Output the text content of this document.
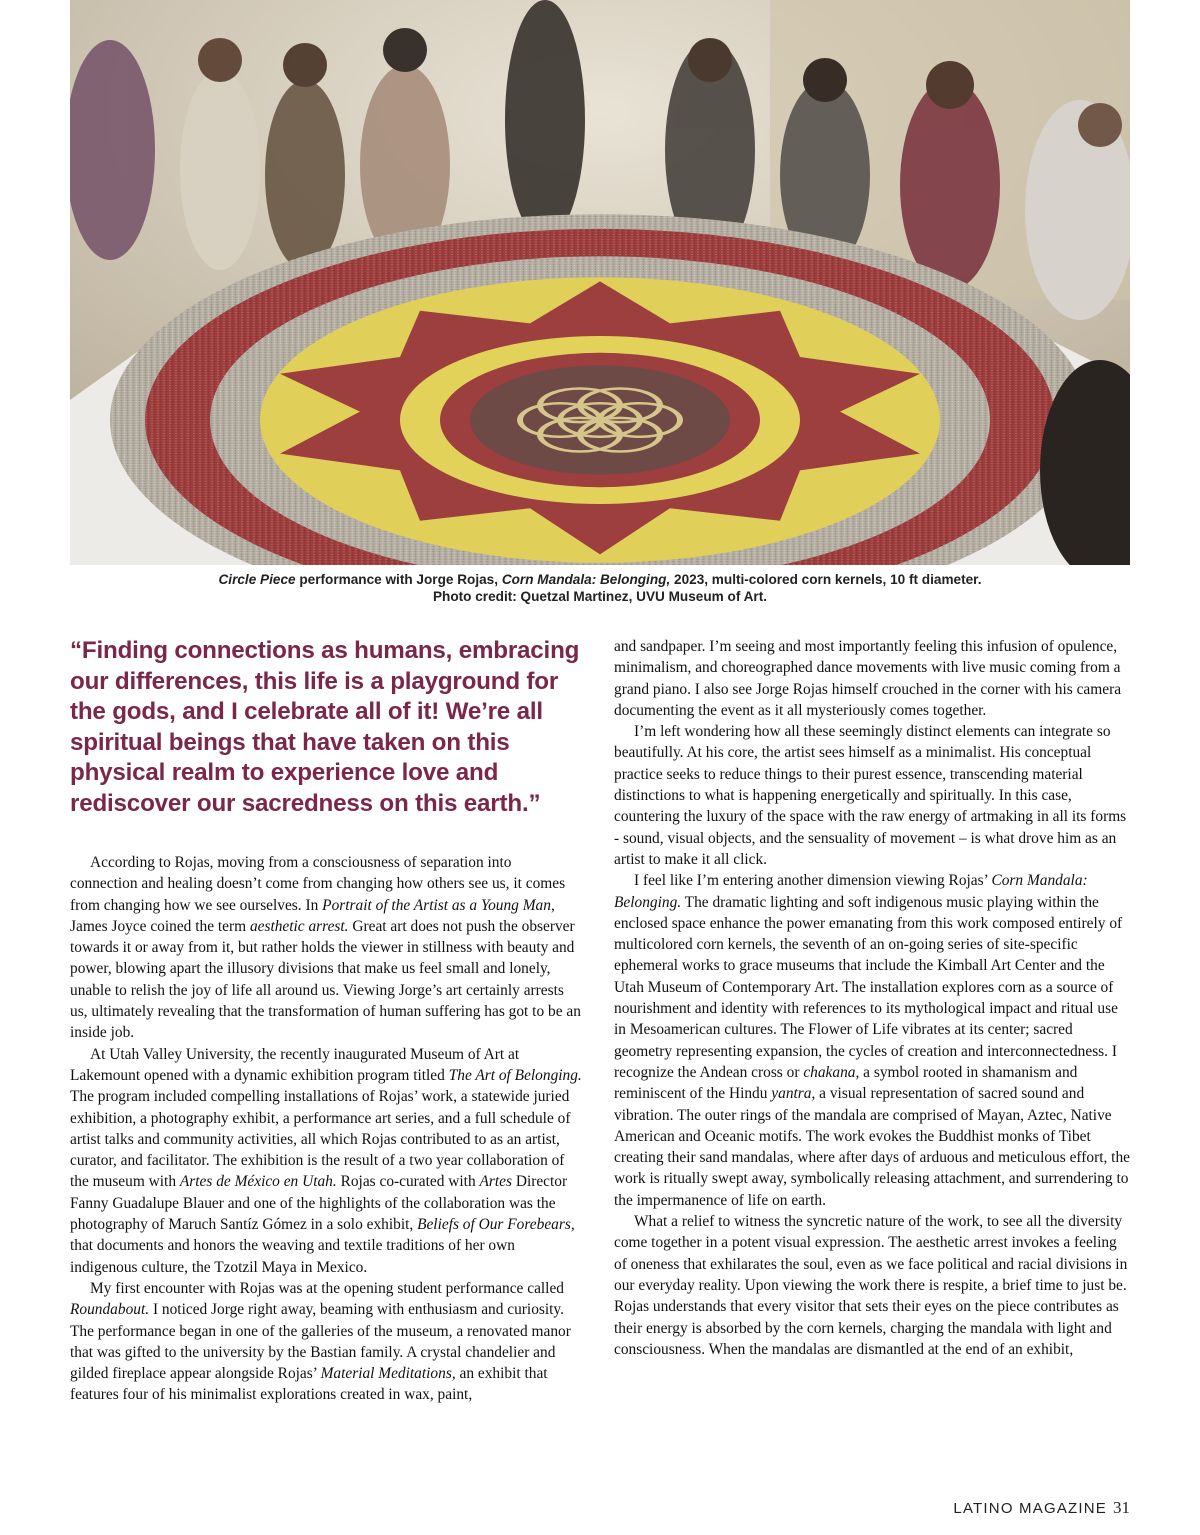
Circle Piece performance with Jorge Rojas, Corn Mandala: Belonging, 2023, multi-colored corn kernels, 10 ft diameter.
Photo credit: Quetzal Martinez, UVU Museum of Art.
“Finding connections as humans, embracing our differences, this life is a playground for the gods, and I celebrate all of it! We’re all spiritual beings that have taken on this physical realm to experience love and rediscover our sacredness on this earth.”

According to Rojas, moving from a consciousness of separation into connection and healing doesn’t come from changing how others see us, it comes from changing how we see ourselves. In Portrait of the Artist as a Young Man, James Joyce coined the term aesthetic arrest. Great art does not push the observer towards it or away from it, but rather holds the viewer in stillness with beauty and power, blowing apart the illusory divisions that make us feel small and lonely, unable to relish the joy of life all around us. Viewing Jorge’s art certainly arrests us, ultimately revealing that the transformation of human suffering has got to be an inside job.

At Utah Valley University, the recently inaugurated Museum of Art at Lakemount opened with a dynamic exhibition program titled The Art of Belonging. The program included compelling installations of Rojas’ work, a statewide juried exhibition, a photography exhibit, a performance art series, and a full schedule of artist talks and community activities, all which Rojas contributed to as an artist, curator, and facilitator. The exhibition is the result of a two year collaboration of the museum with Artes de México en Utah. Rojas co-curated with Artes Director Fanny Guadalupe Blauer and one of the highlights of the collaboration was the photography of Maruch Santíz Gómez in a solo exhibit, Beliefs of Our Forebears, that documents and honors the weaving and textile traditions of her own indigenous culture, the Tzotzil Maya in Mexico.

My first encounter with Rojas was at the opening student performance called Roundabout. I noticed Jorge right away, beaming with enthusiasm and curiosity. The performance began in one of the galleries of the museum, a renovated manor that was gifted to the university by the Bastian family. A crystal chandelier and gilded fireplace appear alongside Rojas’ Material Meditations, an exhibit that features four of his minimalist explorations created in wax, paint,

and sandpaper. I’m seeing and most importantly feeling this infusion of opulence, minimalism, and choreographed dance movements with live music coming from a grand piano. I also see Jorge Rojas himself crouched in the corner with his camera documenting the event as it all mysteriously comes together.

I’m left wondering how all these seemingly distinct elements can integrate so beautifully. At his core, the artist sees himself as a minimalist. His conceptual practice seeks to reduce things to their purest essence, transcending material distinctions to what is happening energetically and spiritually. In this case, countering the luxury of the space with the raw energy of artmaking in all its forms - sound, visual objects, and the sensuality of movement – is what drove him as an artist to make it all click.

I feel like I’m entering another dimension viewing Rojas’ Corn Mandala: Belonging. The dramatic lighting and soft indigenous music playing within the enclosed space enhance the power emanating from this work composed entirely of multicolored corn kernels, the seventh of an on-going series of site-specific ephemeral works to grace museums that include the Kimball Art Center and the Utah Museum of Contemporary Art. The installation explores corn as a source of nourishment and identity with references to its mythological impact and ritual use in Mesoamerican cultures. The Flower of Life vibrates at its center; sacred geometry representing expansion, the cycles of creation and interconnectedness. I recognize the Andean cross or chakana, a symbol rooted in shamanism and reminiscent of the Hindu yantra, a visual representation of sacred sound and vibration. The outer rings of the mandala are comprised of Mayan, Aztec, Native American and Oceanic motifs. The work evokes the Buddhist monks of Tibet creating their sand mandalas, where after days of arduous and meticulous effort, the work is ritually swept away, symbolically releasing attachment, and surrendering to the impermanence of life on earth.

What a relief to witness the syncretic nature of the work, to see all the diversity come together in a potent visual expression. The aesthetic arrest invokes a feeling of oneness that exhilarates the soul, even as we face political and racial divisions in our everyday reality. Upon viewing the work there is respite, a brief time to just be. Rojas understands that every visitor that sets their eyes on the piece contributes as their energy is absorbed by the corn kernels, charging the mandala with light and consciousness. When the mandalas are dismantled at the end of an exhibit,

LATINO MAGAZINE 31
